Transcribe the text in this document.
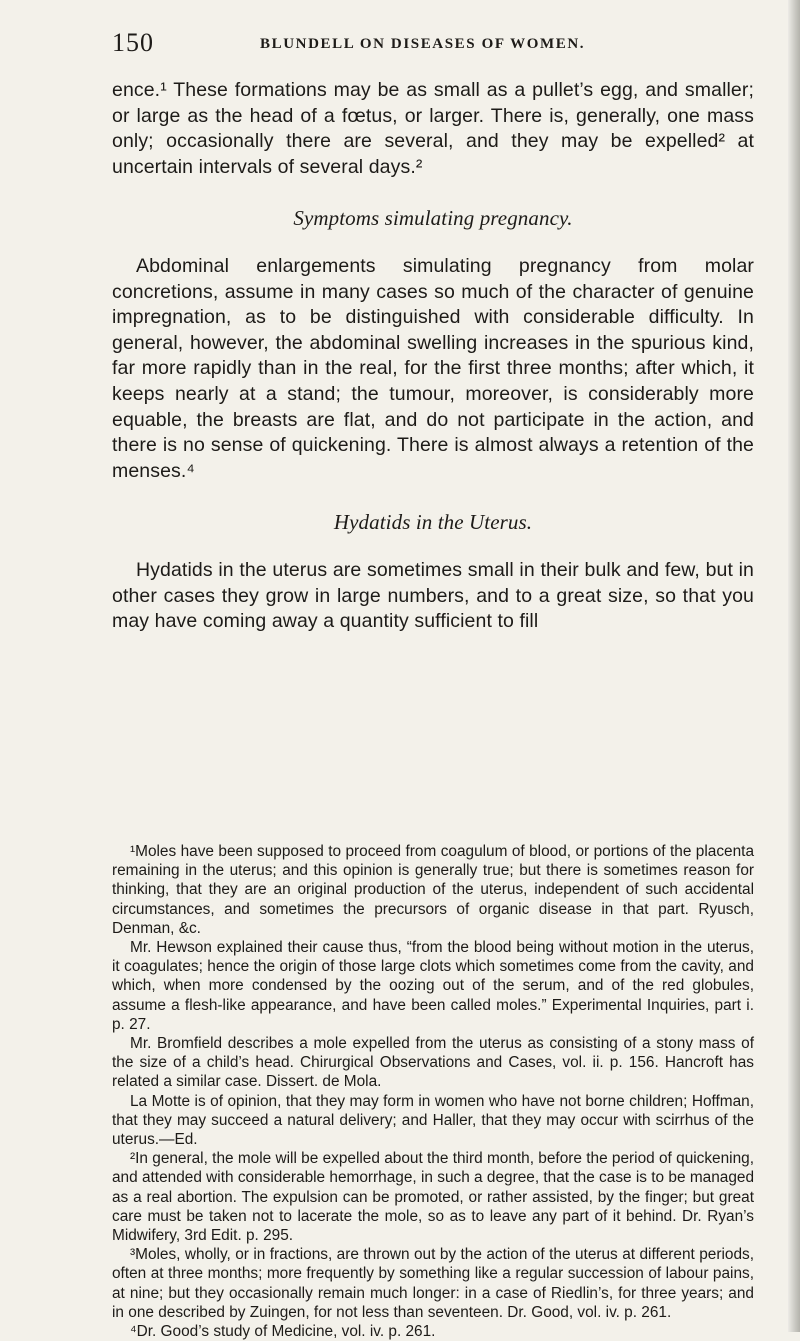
150	BLUNDELL ON DISEASES OF WOMEN.

ence.¹ These formations may be as small as a pullet’s egg, and smaller; or large as the head of a fœtus, or larger. There is, generally, one mass only; occasionally there are several, and they may be expelled² at uncertain intervals of several days.²

Symptoms simulating pregnancy.

Abdominal enlargements simulating pregnancy from molar concretions, assume in many cases so much of the character of genuine impregnation, as to be distinguished with considerable difficulty. In general, however, the abdominal swelling increases in the spurious kind, far more rapidly than in the real, for the first three months; after which, it keeps nearly at a stand; the tumour, moreover, is considerably more equable, the breasts are flat, and do not participate in the action, and there is no sense of quickening. There is almost always a retention of the menses.⁴

Hydatids in the Uterus.

Hydatids in the uterus are sometimes small in their bulk and few, but in other cases they grow in large numbers, and to a great size, so that you may have coming away a quantity sufficient to fill

¹Moles have been supposed to proceed from coagulum of blood, or portions of the placenta remaining in the uterus; and this opinion is generally true; but there is sometimes reason for thinking, that they are an original production of the uterus, independent of such accidental circumstances, and sometimes the precursors of organic disease in that part. Ryusch, Denman, &c.

Mr. Hewson explained their cause thus, “from the blood being without motion in the uterus, it coagulates; hence the origin of those large clots which sometimes come from the cavity, and which, when more condensed by the oozing out of the serum, and of the red globules, assume a flesh-like appearance, and have been called moles.” Experimental Inquiries, part i. p. 27.

Mr. Bromfield describes a mole expelled from the uterus as consisting of a stony mass of the size of a child’s head. Chirurgical Observations and Cases, vol. ii. p. 156. Hancroft has related a similar case. Dissert. de Mola.

La Motte is of opinion, that they may form in women who have not borne children; Hoffman, that they may succeed a natural delivery; and Haller, that they may occur with scirrhus of the uterus.—Ed.

²In general, the mole will be expelled about the third month, before the period of quickening, and attended with considerable hemorrhage, in such a degree, that the case is to be managed as a real abortion. The expulsion can be promoted, or rather assisted, by the finger; but great care must be taken not to lacerate the mole, so as to leave any part of it behind. Dr. Ryan’s Midwifery, 3rd Edit. p. 295.

³Moles, wholly, or in fractions, are thrown out by the action of the uterus at different periods, often at three months; more frequently by something like a regular succession of labour pains, at nine; but they occasionally remain much longer: in a case of Riedlin’s, for three years; and in one described by Zuingen, for not less than seventeen. Dr. Good, vol. iv. p. 261.

⁴Dr. Good’s study of Medicine, vol. iv. p. 261.
